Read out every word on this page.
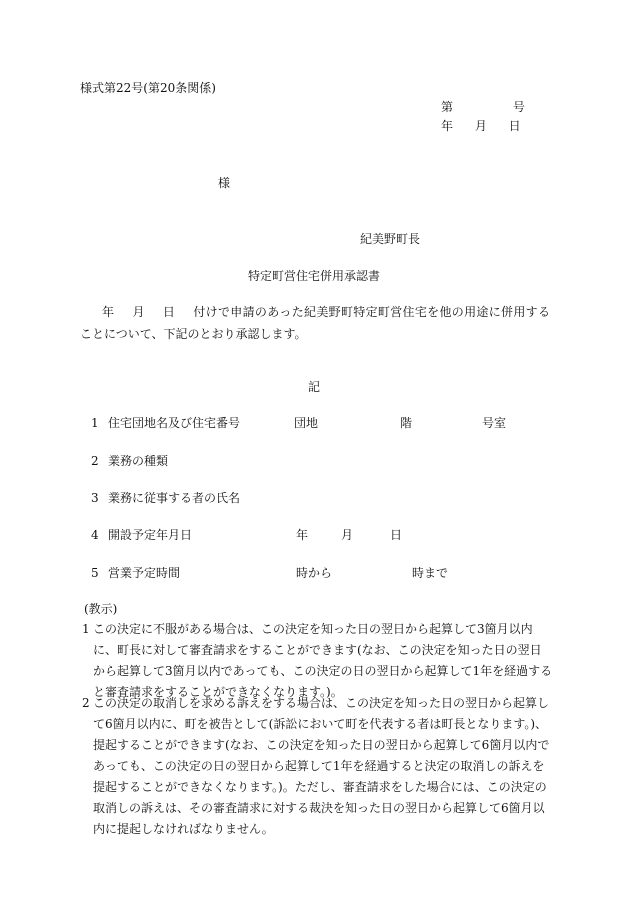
様式第22号(第20条関係)
第 号
年 月 日
様
紀美野町長
特定町営住宅併用承認書
年 月 日 付けで申請のあった紀美野町特定町営住宅を他の用途に併用することについて、下記のとおり承認します。
記
1 住宅団地名及び住宅番号	団地	階	号室
2 業務の種類
3 業務に従事する者の氏名
4 開設予定年月日	年	月	日
5 営業予定時間	時から	時まで
(教示)
1 この決定に不服がある場合は、この決定を知った日の翌日から起算して3箇月以内に、町長に対して審査請求をすることができます(なお、この決定を知った日の翌日から起算して3箇月以内であっても、この決定の日の翌日から起算して1年を経過すると審査請求をすることができなくなります。)。
2 この決定の取消しを求める訴えをする場合は、この決定を知った日の翌日から起算して6箇月以内に、町を被告として(訴訟において町を代表する者は町長となります。)、提起することができます(なお、この決定を知った日の翌日から起算して6箇月以内であっても、この決定の日の翌日から起算して1年を経過すると決定の取消しの訴えを提起することができなくなります。)。ただし、審査請求をした場合には、この決定の取消しの訴えは、その審査請求に対する裁決を知った日の翌日から起算して6箇月以内に提起しなければなりません。
